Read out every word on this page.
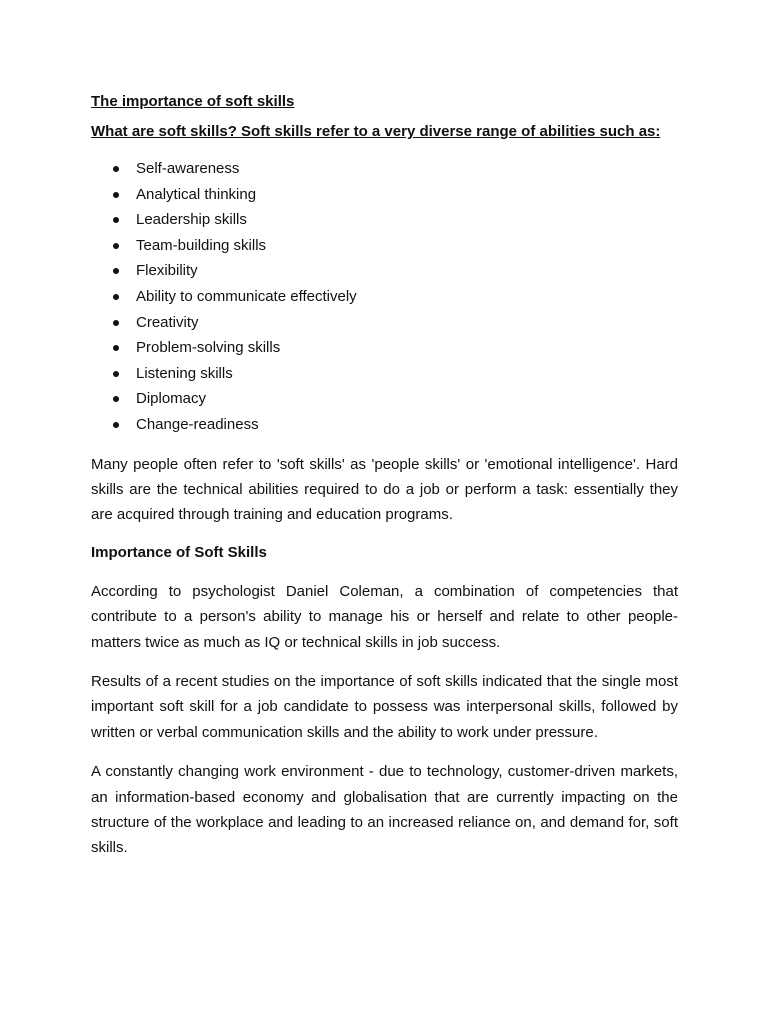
The importance of soft skills
What are soft skills? Soft skills refer to a very diverse range of abilities such as:
Self-awareness
Analytical thinking
Leadership skills
Team-building skills
Flexibility
Ability to communicate effectively
Creativity
Problem-solving skills
Listening skills
Diplomacy
Change-readiness

Many people often refer to 'soft skills' as 'people skills' or 'emotional intelligence'. Hard skills are the technical abilities required to do a job or perform a task: essentially they are acquired through training and education programs.

Importance of Soft Skills

According to psychologist Daniel Coleman, a combination of competencies that contribute to a person's ability to manage his or herself and relate to other people-matters twice as much as IQ or technical skills in job success.

Results of a recent studies on the importance of soft skills indicated that the single most important soft skill for a job candidate to possess was interpersonal skills, followed by written or verbal communication skills and the ability to work under pressure.

A constantly changing work environment - due to technology, customer-driven markets, an information-based economy and globalisation that are currently impacting on the structure of the workplace and leading to an increased reliance on, and demand for, soft skills.
